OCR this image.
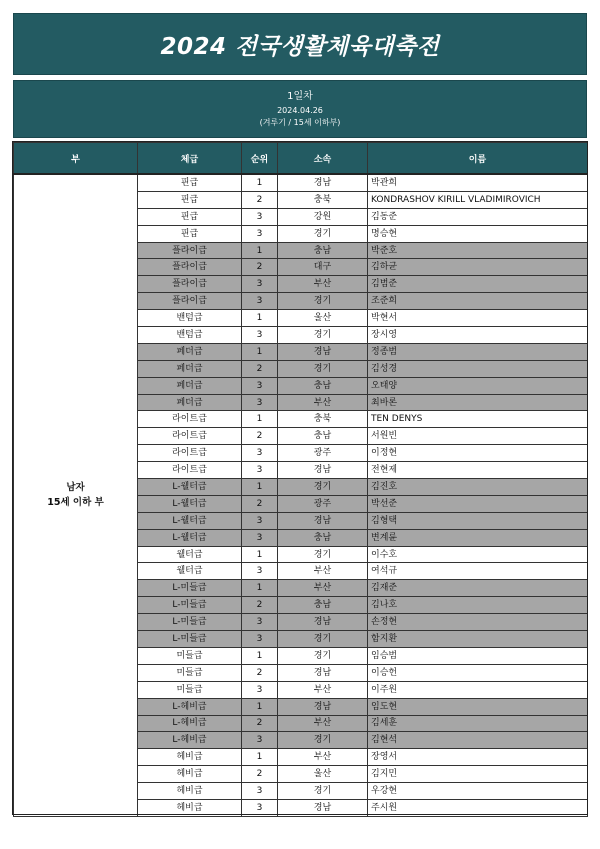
2024 전국생활체육대축전
1일차
2024.04.26
(겨루기 / 15세 이하부)
부	체급	순위	소속	이름

남자
15세 이하 부	핀급	1	경남	박관희
	핀급	2	충북	KONDRASHOV KIRILL VLADIMIROVICH
	핀급	3	강원	김동준
	핀급	3	경기	명승현
	플라이급	1	충남	박준호
	플라이급	2	대구	김하균
	플라이급	3	부산	김범준
	플라이급	3	경기	조준희
	밴텀급	1	울산	박현서
	밴텀급	3	경기	장시영
	페더급	1	경남	정종범
	페더급	2	경기	김성경
	페더급	3	충남	오태양
	페더급	3	부산	최바론
	라이트급	1	충북	TEN DENYS
	라이트급	2	충남	서원빈
	라이트급	3	광주	이정현
	라이트급	3	경남	전현제
	L-웰터급	1	경기	김진호
	L-웰터급	2	광주	박선준
	L-웰터급	3	경남	김형택
	L-웰터급	3	충남	변계륜
	웰터급	1	경기	이수호
	웰터급	3	부산	여석규
	L-미들급	1	부산	김재준
	L-미들급	2	충남	김나호
	L-미들급	3	경남	손정현
	L-미들급	3	경기	함지환
	미들급	1	경기	임승범
	미들급	2	경남	이승헌
	미들급	3	부산	이주원
	L-헤비급	1	경남	임도현
	L-헤비급	2	부산	김세훈
	L-헤비급	3	경기	김현석
	헤비급	1	부산	장영서
	헤비급	2	울산	김지민
	헤비급	3	경기	우강현
	헤비급	3	경남	주시원
